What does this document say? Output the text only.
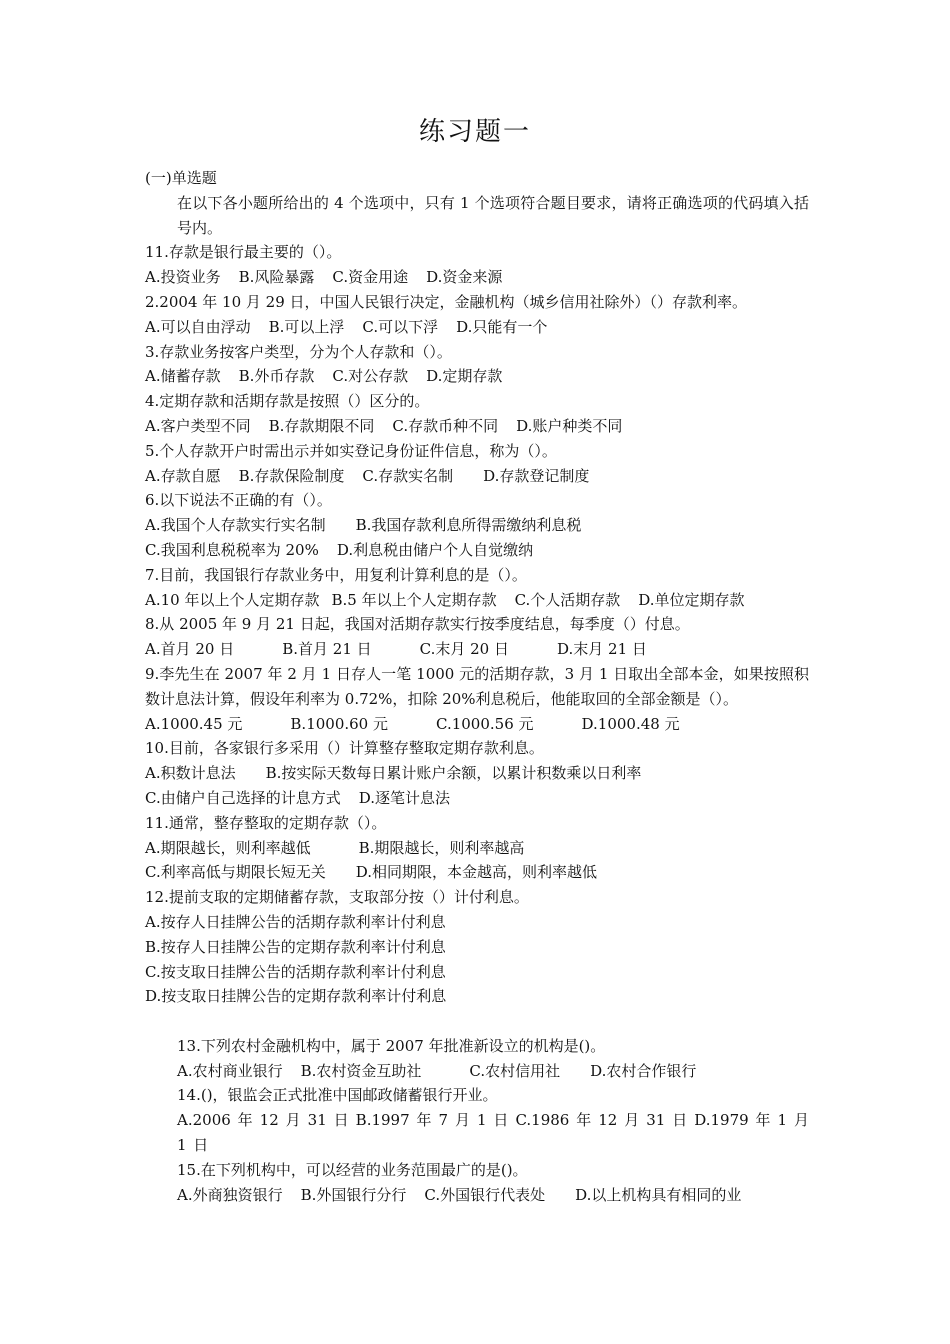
练习题一
(一)单选题
在以下各小题所给出的 4 个选项中，只有 1 个选项符合题目要求，请将正确选项的代码填入括号内。
11.存款是银行最主要的（）。
A.投资业务 B.风险暴露 C.资金用途 D.资金来源
2.2004 年 10 月 29 日，中国人民银行决定，金融机构（城乡信用社除外）（）存款利率。
A.可以自由浮动 B.可以上浮 C.可以下浮 D.只能有一个
3.存款业务按客户类型，分为个人存款和（）。
A.储蓄存款 B.外币存款 C.对公存款 D.定期存款
4.定期存款和活期存款是按照（）区分的。
A.客户类型不同 B.存款期限不同 C.存款币种不同 D.账户种类不同
5.个人存款开户时需出示并如实登记身份证件信息，称为（）。
A.存款自愿 B.存款保险制度 C.存款实名制 D.存款登记制度
6.以下说法不正确的有（）。
A.我国个人存款实行实名制 B.我国存款利息所得需缴纳利息税
C.我国利息税税率为 20% D.利息税由储户个人自觉缴纳
7.目前，我国银行存款业务中，用复利计算利息的是（）。
A.10 年以上个人定期存款 B.5 年以上个人定期存款 C.个人活期存款 D.单位定期存款
8.从 2005 年 9 月 21 日起，我国对活期存款实行按季度结息，每季度（）付息。
A.首月 20 日	B.首月 21 日	C.末月 20 日	D.末月 21 日
9.李先生在 2007 年 2 月 1 日存人一笔 1000 元的活期存款，3 月 1 日取出全部本金，如果按照积数计息法计算，假设年利率为 0.72%，扣除 20%利息税后，他能取回的全部金额是（）。
A.1000.45 元	B.1000.60 元	C.1000.56 元	D.1000.48 元
10.目前，各家银行多采用（）计算整存整取定期存款利息。
A.积数计息法 B.按实际天数每日累计账户余额，以累计积数乘以日利率
C.由储户自己选择的计息方式 D.逐笔计息法
11.通常，整存整取的定期存款（）。
A.期限越长，则利率越低	B.期限越长，则利率越高
C.利率高低与期限长短无关 D.相同期限，本金越高，则利率越低
12.提前支取的定期储蓄存款，支取部分按（）计付利息。
A.按存人日挂牌公告的活期存款利率计付利息
B.按存人日挂牌公告的定期存款利率计付利息
C.按支取日挂牌公告的活期存款利率计付利息
D.按支取日挂牌公告的定期存款利率计付利息
13.下列农村金融机构中，属于 2007 年批准新设立的机构是()。
A.农村商业银行 B.农村资金互助社	C.农村信用社 D.农村合作银行
14.()，银监会正式批准中国邮政储蓄银行开业。
A.2006 年 12 月 31 日 B.1997 年 7 月 1 日 C.1986 年 12 月 31 日 D.1979 年 1 月 1 日
15.在下列机构中，可以经营的业务范围最广的是()。
A.外商独资银行 B.外国银行分行 C.外国银行代表处 D.以上机构具有相同的业
